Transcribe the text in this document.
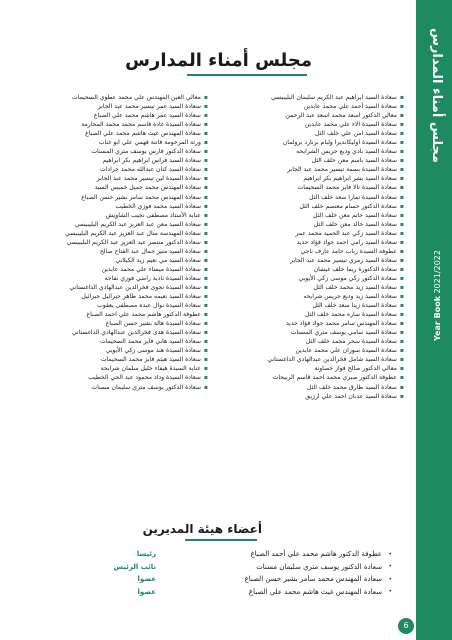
مجلس أمناء المدارس
Year Book 2021/2022
مجلس أمناء المدارس
▪ سعادة السيد ابراهيم عبد الكريم سليمان البليبيسي
▪ سعادة السيد أحمد علي محمد عابدين
▪ معالي الدكتور اسعد محمد اسعد عبد الرحمن
▪ سعادة السيدة الاء علي محمد عابدين
▪ سعادة السيد امن علي خلف الثل
▪ سعادة السيدة اوليكانديرا ولبام برنارد برولمان
▪ سعادة السيد بادي وديع جريس الشرايحه
▪ سعادة السيد باسم معن خلف الثل
▪ سعادة السيدة بسمة تيسير محمد عبد الجابر
▪ سعادة السيد بشر ابراهيم بكر ابراهيم
▪ سعادة السيدة تالا فايز محمد السحيمات
▪ سعادة السيدة تمارا سعد خلف الثل
▪ سعادة الدكتور حسام معتصم خلف الثل
▪ سعادة السيد حاتم معن خلف الثل
▪ سعادة السيد خالد معن خلف الثل
▪ سعادة السيد زكي عبد الحميد محمد عمر
▪ سعادة السيد رامي احمد جواد فؤاد حديد
▪ عطوفة السيدة رباب حامد عارف ناجي
▪ سعادة السيد رمزي تيسير محمد عبد الجابر
▪ سعادة الدكتورة ريما خلف غيشان
▪ سعادة الدكتور زكي موسى زكي الأيوبي
▪ سعادة السيد زيد محمد خلف الثل
▪ سعادة السيد زيد وديع جريس شرايحه
▪ سعادة السيدة زينا سعد خلف الثل
▪ سعادة السيدة ساره محمد خلف الثل
▪ سعادة المهندس سامر محمد جواد فؤاد حديد
▪ سعادة السيد سامي يوسف متري المسنات
▪ سعادة السيدة سحر محمد خلف الثل
▪ سعادة السيدة سوزان علي محمد عابدين
▪ سعادة السيد شامل فخرالدين عبدالهادي الداغستاني
▪ معالي الدكتور صالح فواز خصاونة
▪ عطوفة الدكتور صبري محمد احمد قاسم الربيحات
▪ سعادة السيد طارق محمد خلف الثل
▪ سعادة السيد عدنان احمد علي ارزيق
▪ معالي العين المهندس علي محمد عطوي السحيمات
▪ سعادة السيد عمر تيسير محمد عبد الجابر
▪ سعادة السيد عمر هاشم محمد علي الصباغ
▪ سعادة السيدة غادة قاسم محمد محمد المحارمة
▪ سعادة المهندس غيث هاشم محمد علي الصباغ
▪ ورثة المرحومة فاتنة فهمي علي ابو غناب
▪ سعادة الدكتور فارس يوسف متري المسنات
▪ سعادة السيد فراس ابراهيم بكر ابراهيم
▪ سعادة السيد كنان عبدالله محمد جرادات
▪ سعادة السيدة لين تيسير محمد عبد الجابر
▪ سعادة المهندس محمد جميل خميس السيد
▪ سعادة المهندس محمد سامر بشير حسن الصباغ
▪ سعادة السيد محمد فوزي الخطيب
▪ عناية الأستاذ مصطفى نجيب الشاويش
▪ سعادة السيد معن عبد العزيز عبد الكريم البليبيسي
▪ سعادة المهندسة منال عبد العزيز عبد الكريم البليبيسي
▪ سعادة الدكتور منتصر عبد العزيز عبد الكريم البليبيسي
▪ سعادة السيد منير جمال عبد الفتاح صالح
▪ سعادة السيد مي نعيم زيد الكيلاني
▪ سعادة السيدة ميساء علي محمد عابدين
▪ سعادة السيدة نادية راضي فوزي نفاحة
▪ سعادة السيدة نجوى فخرالدين عبدالهادي الداغستاني
▪ سعادة السيد نعيمه محمد طاهر جبرائيل جبرائيل
▪ سعادة السيدة نوال عبده مصطفى يعقوب
▪ عطوفة الدكتور هاشم محمد علي احمد الصباغ
▪ سعادة السيدة هالة بشير حسن الصباغ
▪ سعادة السيدة هدى فخرالدين عبدالهادي الداغستاني
▪ سعادة السيد هاني فايز محمد السحيمات
▪ سعادة السيدة هند موسى زكي الأيوبي
▪ سعادة السيد هيثم فايز محمد السحيمات
▪ عناية السيدة هيفاء خليل سلمان شرايحة
▪ سعادة السيدة وداد محمود عبد الحي الخطيب
▪ سعادة الدكتور يوسف متري سليمان مسنات
أعضاء هيئة المديرين
•
عطوفة الدكتور هاشم محمد علي أحمد الصباغ
رئيسا
•
سعادة الدكتور يوسف متري سليمان مسنات
نائب الرئيس
•
سعادة المهندس محمد سامر بشير حسن الصباغ
عضوا
•
سعادة المهندس غيث هاشم محمد علي الصباغ
عضوا
6
